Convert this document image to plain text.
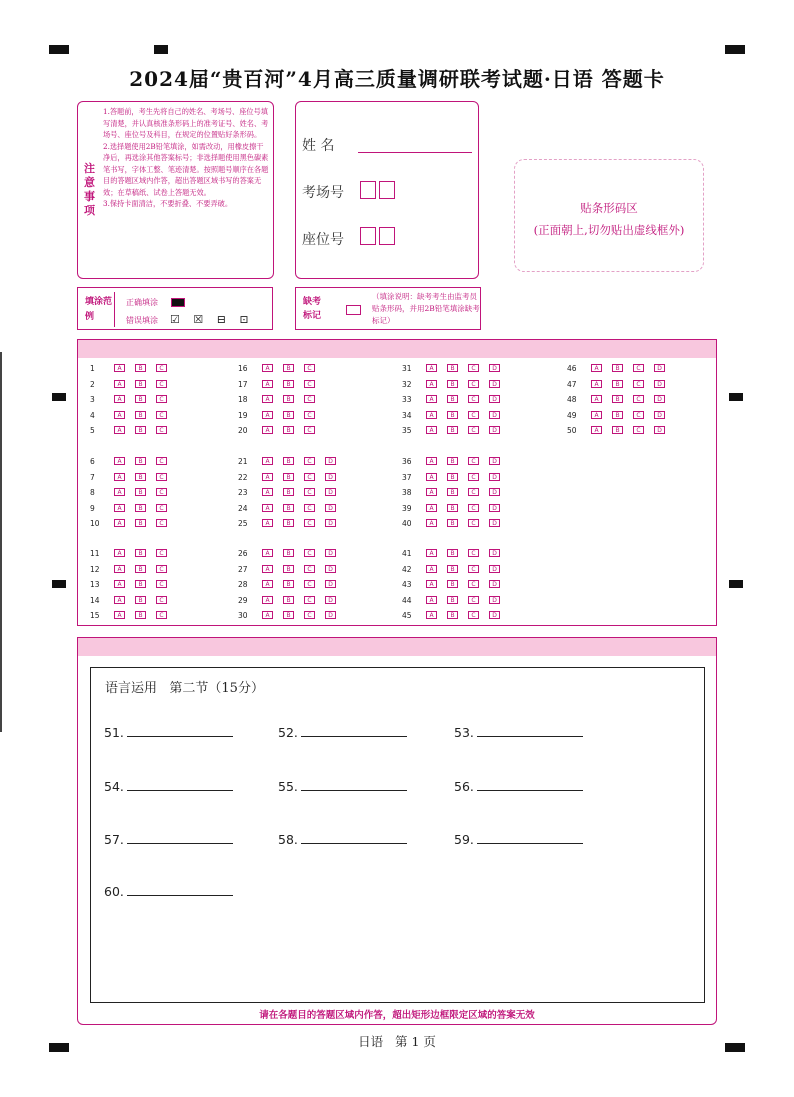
2024届“贵百河”4月高三质量调研联考试题·日语 答题卡
注意事项

1.答题前，考生先将自己的姓名、考场号、座位号填写清楚，并认真核准条形码上的准考证号、姓名、考场号、座位号及科目，在规定的位置贴好条形码。

2.选择题使用2B铅笔填涂，如需改动，用橡皮擦干净后，再选涂其他答案标号；非选择题使用黑色碳素笔书写，字体工整、笔迹清楚。按照题号顺序在各题目的答题区域内作答，超出答题区域书写的答案无效；在草稿纸、试卷上答题无效。

3.保持卡面清洁，不要折叠、不要弄破。

姓 名
考场号
座位号
贴条形码区
(正面朝上,切勿贴出虚线框外)
填涂范例
正确填涂
错误填涂 ☑ ☒ ⊟ ⊡
缺考标记
（填涂说明：缺考考生由监考员贴条形码，并用2B铅笔填涂缺考标记）
1	A	B	C
2	A	B	C
3	A	B	C
4	A	B	C
5	A	B	C
16	A	B	C
17	A	B	C
18	A	B	C
19	A	B	C
20	A	B	C
31	A	B	C	D
32	A	B	C	D
33	A	B	C	D
34	A	B	C	D
35	A	B	C	D
46	A	B	C	D
47	A	B	C	D
48	A	B	C	D
49	A	B	C	D
50	A	B	C	D
6	A	B	C
7	A	B	C
8	A	B	C
9	A	B	C
10	A	B	C
21	A	B	C	D
22	A	B	C	D
23	A	B	C	D
24	A	B	C	D
25	A	B	C	D
36	A	B	C	D
37	A	B	C	D
38	A	B	C	D
39	A	B	C	D
40	A	B	C	D
11	A	B	C
12	A	B	C
13	A	B	C
14	A	B	C
15	A	B	C
26	A	B	C	D
27	A	B	C	D
28	A	B	C	D
29	A	B	C	D
30	A	B	C	D
41	A	B	C	D
42	A	B	C	D
43	A	B	C	D
44	A	B	C	D
45	A	B	C	D
语言运用   第二节（15分）
51.	52.	53.
54.	55.	56.
57.	58.	59.
60.
请在各题目的答题区域内作答，超出矩形边框限定区域的答案无效
日语   第 1 页
